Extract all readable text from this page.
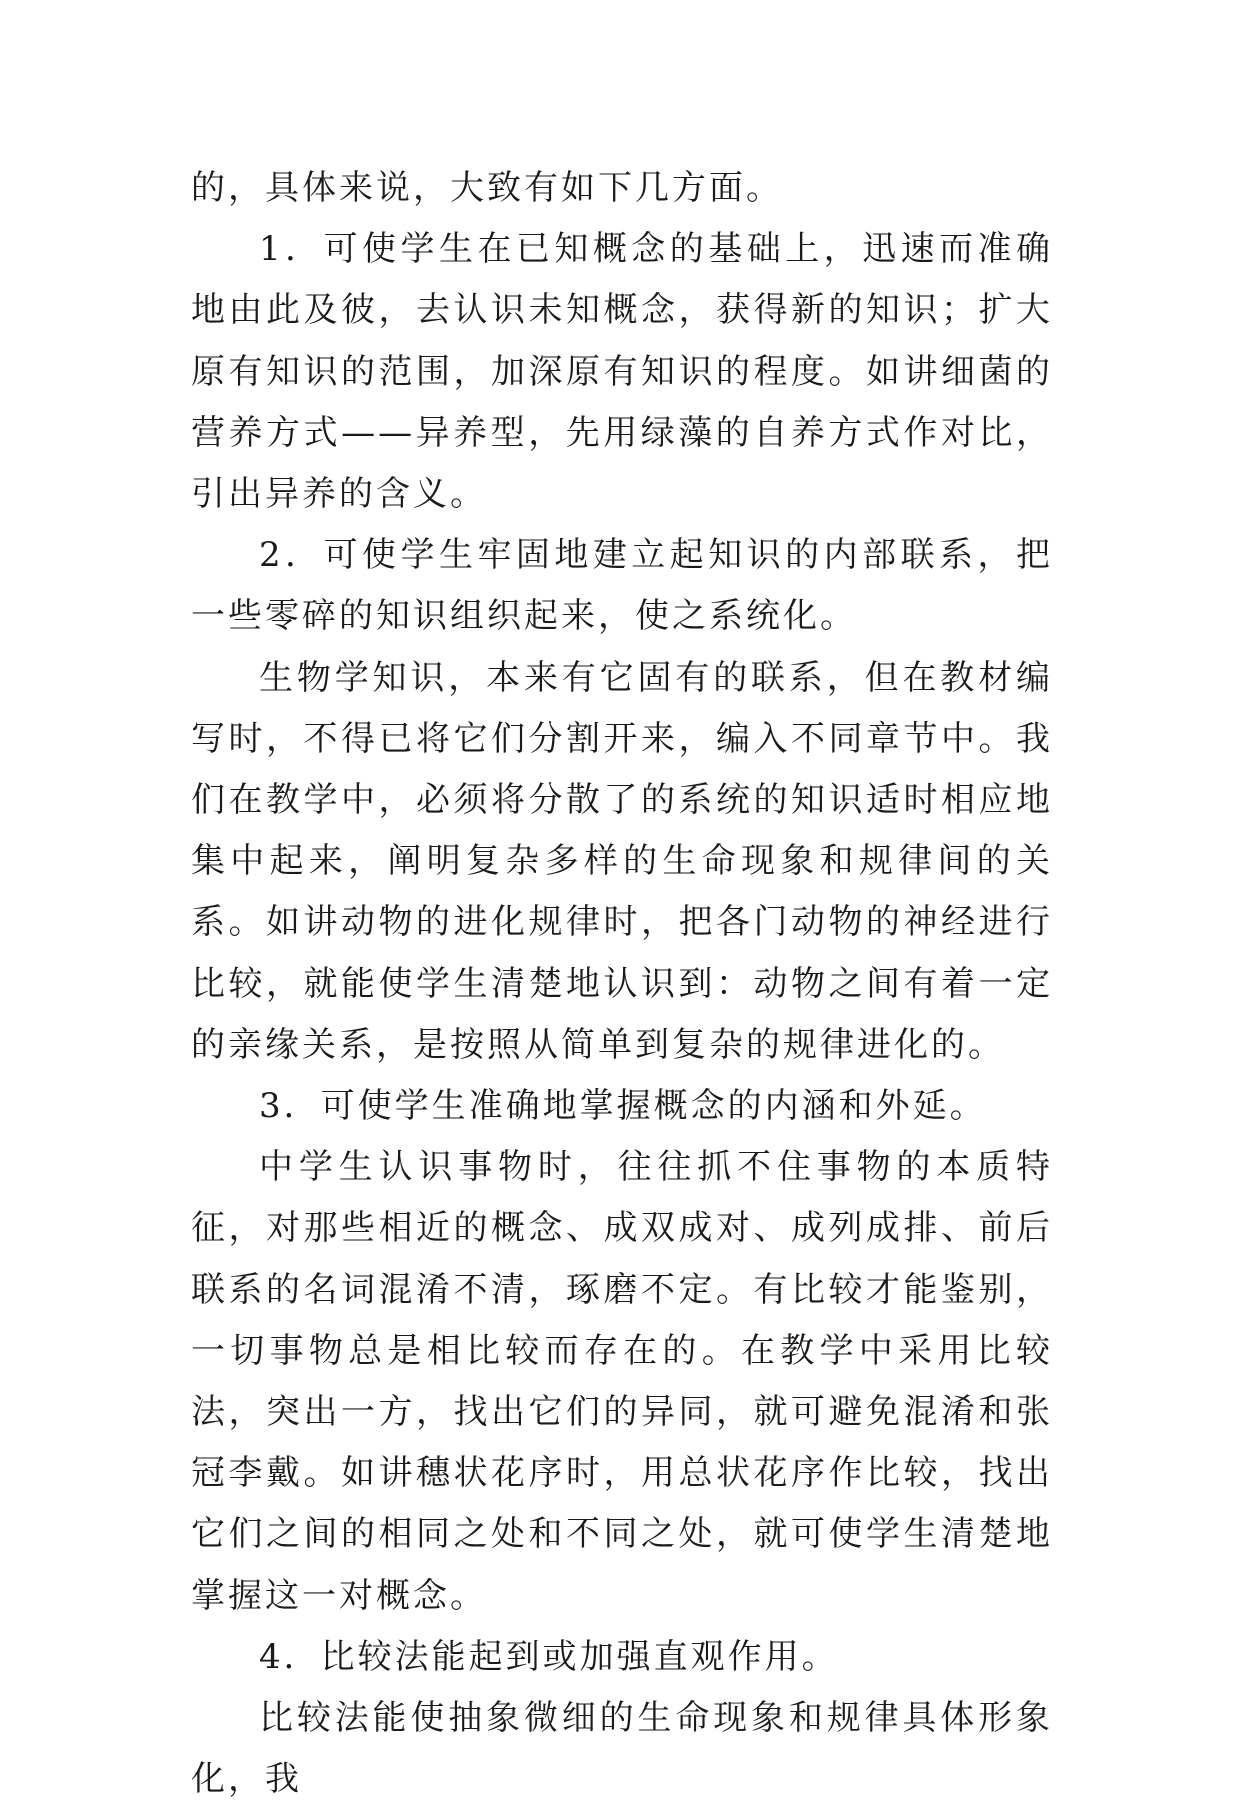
的，具体来说，大致有如下几方面。

1．可使学生在已知概念的基础上，迅速而准确地由此及彼，去认识未知概念，获得新的知识；扩大原有知识的范围，加深原有知识的程度。如讲细菌的营养方式——异养型，先用绿藻的自养方式作对比，引出异养的含义。

2．可使学生牢固地建立起知识的内部联系，把一些零碎的知识组织起来，使之系统化。

生物学知识，本来有它固有的联系，但在教材编写时，不得已将它们分割开来，编入不同章节中。我们在教学中，必须将分散了的系统的知识适时相应地集中起来，阐明复杂多样的生命现象和规律间的关系。如讲动物的进化规律时，把各门动物的神经进行比较，就能使学生清楚地认识到：动物之间有着一定的亲缘关系，是按照从简单到复杂的规律进化的。

3．可使学生准确地掌握概念的内涵和外延。

中学生认识事物时，往往抓不住事物的本质特征，对那些相近的概念、成双成对、成列成排、前后联系的名词混淆不清，琢磨不定。有比较才能鉴别，一切事物总是相比较而存在的。在教学中采用比较法，突出一方，找出它们的异同，就可避免混淆和张冠李戴。如讲穗状花序时，用总状花序作比较，找出它们之间的相同之处和不同之处，就可使学生清楚地掌握这一对概念。

4．比较法能起到或加强直观作用。

比较法能使抽象微细的生命现象和规律具体形象化，我
